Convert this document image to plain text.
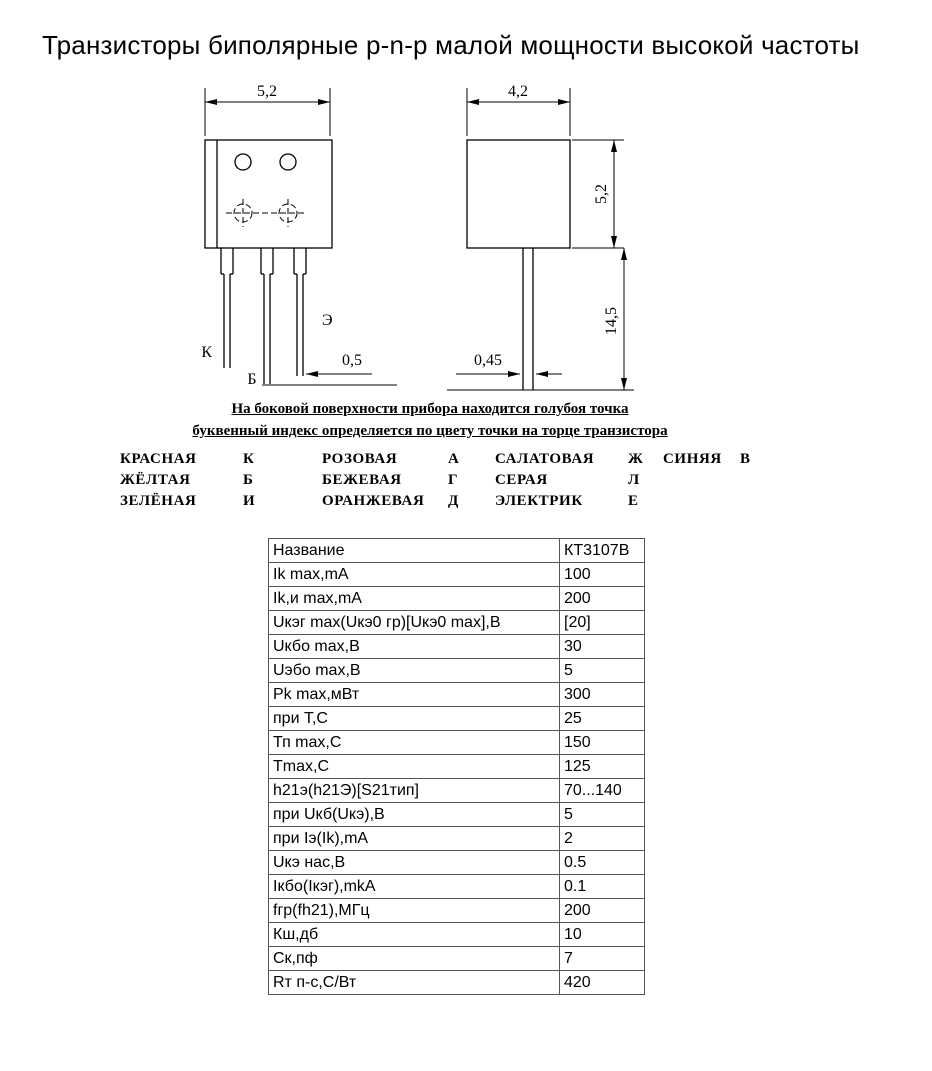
Транзисторы биполярные p-n-p малой мощности высокой частоты
5,2
К
Б
Э
0,5
4,2
5,2
14,5
0,45
На боковой поверхности прибора находится голубоя точка
буквенный индекс определяется по цвету точки на торце транзистора
КРАСНАЯ	К	РОЗОВАЯ	А	САЛАТОВАЯ	Ж	СИНЯЯ	В
ЖЁЛТАЯ	Б	БЕЖЕВАЯ	Г	СЕРАЯ	Л
ЗЕЛЁНАЯ	И	ОРАНЖЕВАЯ	Д	ЭЛЕКТРИК	Е
Название	КТ3107В
Ik max,mA	100
Ik,и max,mA	200
Uкэг max(Uкэ0 гр)[Uкэ0 max],В	[20]
Uкбо max,В	30
Uэбо max,В	5
Pk max,мВт	300
при T,C	25
Тп max,C	150
Tmax,C	125
h21э(h21Э)[S21тип]	70...140
при Uкб(Uкэ),В	5
при Iэ(Ik),mA	2
Uкэ нас,В	0.5
Iкбо(Iкэг),mkA	0.1
fгр(fh21),МГц	200
Кш,дб	10
Ск,пф	7
Rт п-с,С/Вт	420
